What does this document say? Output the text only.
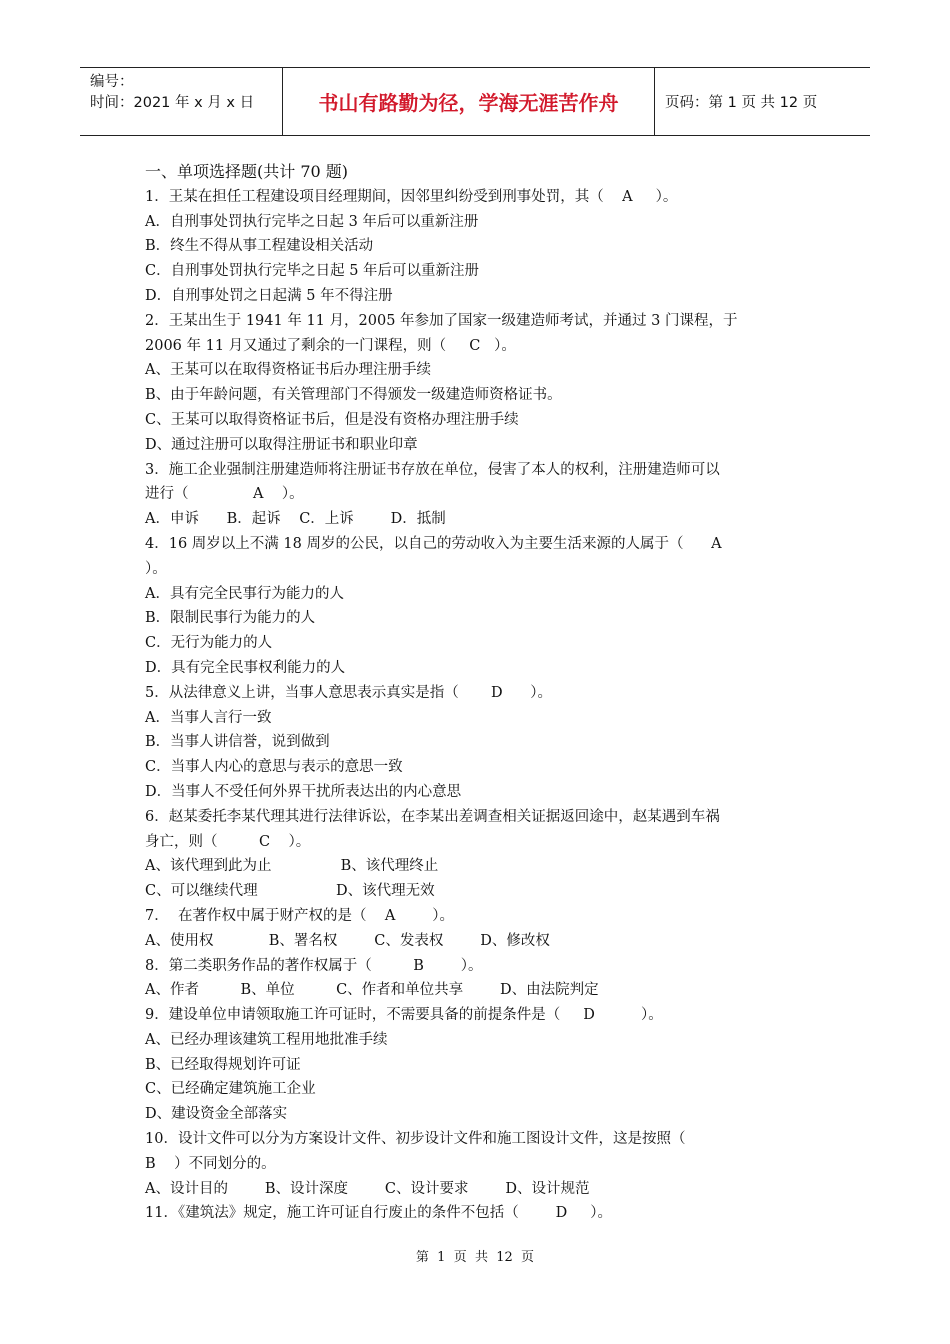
编号：
时间：2021 年 x 月 x 日	书山有路勤为径，学海无涯苦作舟	页码：第 1 页 共 12 页
一、单项选择题(共计 70 题)
1．王某在担任工程建设项目经理期间，因邻里纠纷受到刑事处罚，其（    A     ）。
A．自刑事处罚执行完毕之日起 3 年后可以重新注册
B．终生不得从事工程建设相关活动
C．自刑事处罚执行完毕之日起 5 年后可以重新注册
D．自刑事处罚之日起满 5 年不得注册
2．王某出生于 1941 年 11 月，2005 年参加了国家一级建造师考试，并通过 3 门课程，于
2006 年 11 月又通过了剩余的一门课程，则（     C   ）。
A、王某可以在取得资格证书后办理注册手续
B、由于年龄问题，有关管理部门不得颁发一级建造师资格证书。
C、王某可以取得资格证书后，但是没有资格办理注册手续
D、通过注册可以取得注册证书和职业印章
3．施工企业强制注册建造师将注册证书存放在单位，侵害了本人的权利，注册建造师可以
进行（              A    ）。
A．申诉      B．起诉    C．上诉        D．抵制
4．16 周岁以上不满 18 周岁的公民，以自己的劳动收入为主要生活来源的人属于（      A
）。
A．具有完全民事行为能力的人
B．限制民事行为能力的人
C．无行为能力的人
D．具有完全民事权利能力的人
5．从法律意义上讲，当事人意思表示真实是指（       D      ）。
A．当事人言行一致
B．当事人讲信誉，说到做到
C．当事人内心的意思与表示的意思一致
D．当事人不受任何外界干扰所表达出的内心意思
6．赵某委托李某代理其进行法律诉讼，在李某出差调查相关证据返回途中，赵某遇到车祸
身亡，则（         C    ）。
A、该代理到此为止               B、该代理终止
C、可以继续代理                 D、该代理无效
7．  在著作权中属于财产权的是（    A        ）。
A、使用权            B、署名权        C、发表权        D、修改权
8．第二类职务作品的著作权属于（         B        ）。
A、作者         B、单位         C、作者和单位共享        D、由法院判定
9．建设单位申请领取施工许可证时，不需要具备的前提条件是（     D          ）。
A、已经办理该建筑工程用地批准手续
B、已经取得规划许可证
C、已经确定建筑施工企业
D、建设资金全部落实
10．设计文件可以分为方案设计文件、初步设计文件和施工图设计文件，这是按照（
B    ）不同划分的。
A、设计目的        B、设计深度        C、设计要求        D、设计规范
11．《建筑法》规定，施工许可证自行废止的条件不包括（        D     ）。
第  1  页  共  12  页
